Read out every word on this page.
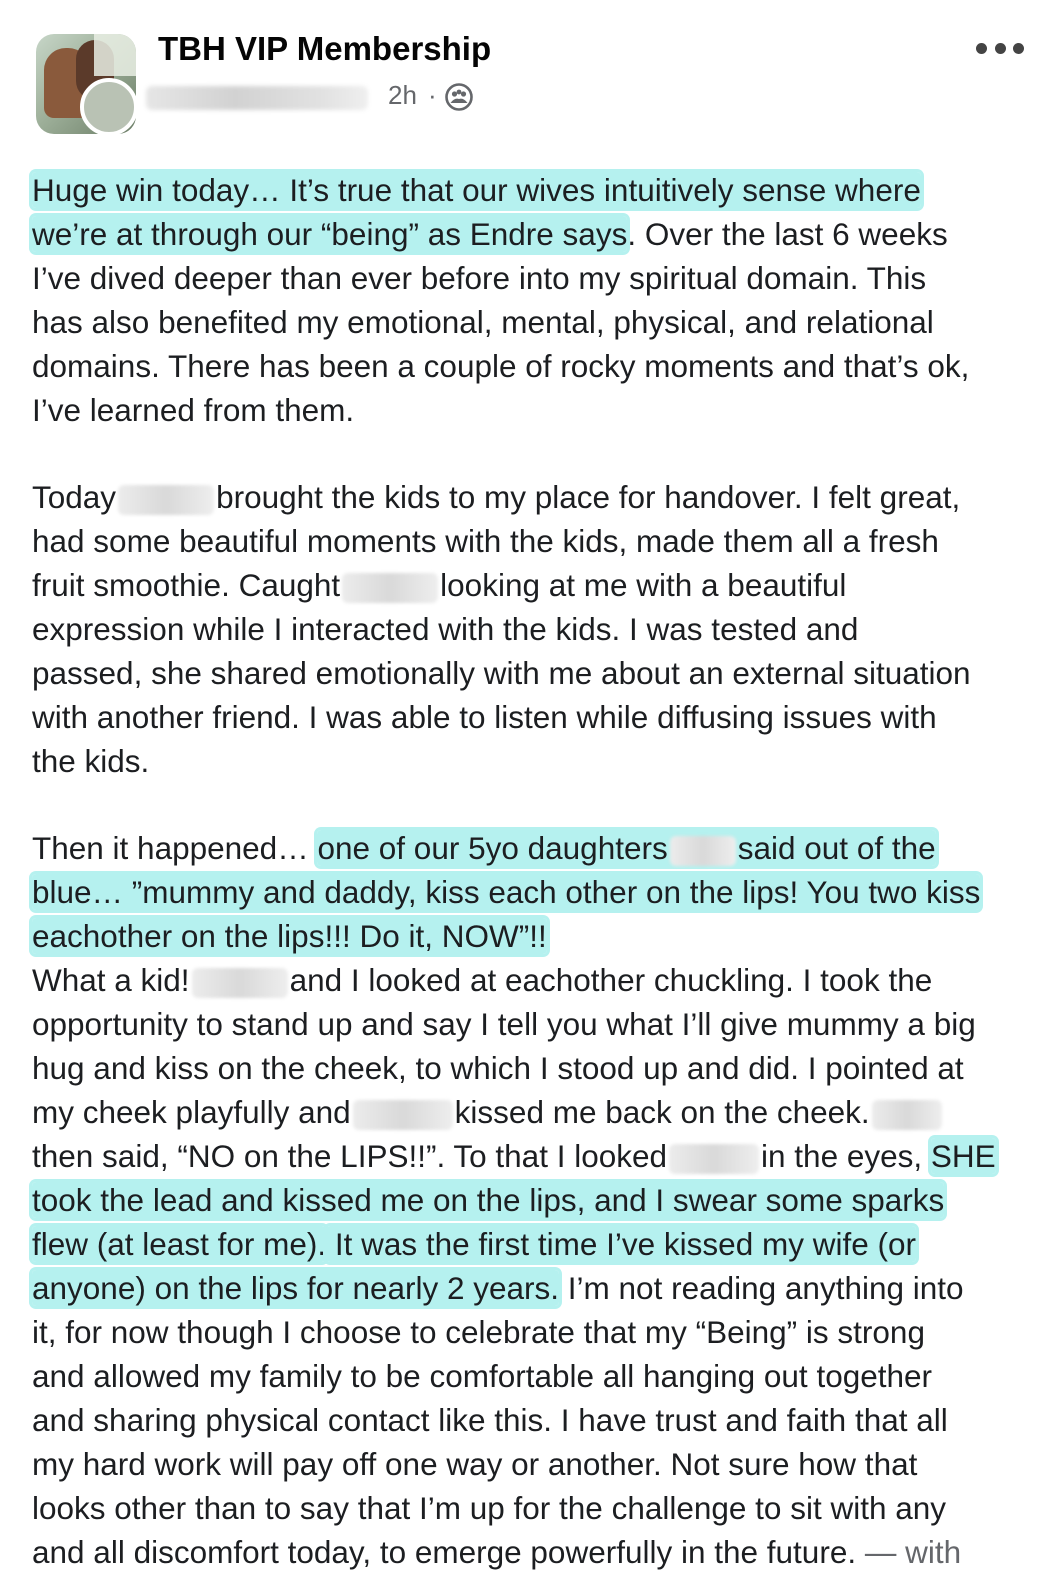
TBH VIP Membership
2h ·
Huge win today… It’s true that our wives intuitively sense where
we’re at through our “being” as Endre says. Over the last 6 weeks
I’ve dived deeper than ever before into my spiritual domain. This
has also benefited my emotional, mental, physical, and relational
domains. There has been a couple of rocky moments and that’s ok,
I’ve learned from them.
Today	brought the kids to my place for handover. I felt great,
had some beautiful moments with the kids, made them all a fresh
fruit smoothie. Caught	looking at me with a beautiful
expression while I interacted with the kids. I was tested and
passed, she shared emotionally with me about an external situation
with another friend. I was able to listen while diffusing issues with
the kids.
Then it happened… one of our 5yo daughters said out of the
blue… ”mummy and daddy, kiss each other on the lips! You two kiss
eachother on the lips!!! Do it, NOW”!!
What a kid!	and I looked at eachother chuckling. I took the
opportunity to stand up and say I tell you what I’ll give mummy a big
hug and kiss on the cheek, to which I stood up and did. I pointed at
my cheek playfully and	kissed me back on the cheek.
then said, “NO on the LIPS!!”. To that I looked	in the eyes, SHE
took the lead and kissed me on the lips, and I swear some sparks
flew (at least for me). It was the first time I’ve kissed my wife (or
anyone) on the lips for nearly 2 years. I’m not reading anything into
it, for now though I choose to celebrate that my “Being” is strong
and allowed my family to be comfortable all hanging out together
and sharing physical contact like this. I have trust and faith that all
my hard work will pay off one way or another. Not sure how that
looks other than to say that I’m up for the challenge to sit with any
and all discomfort today, to emerge powerfully in the future. — with
